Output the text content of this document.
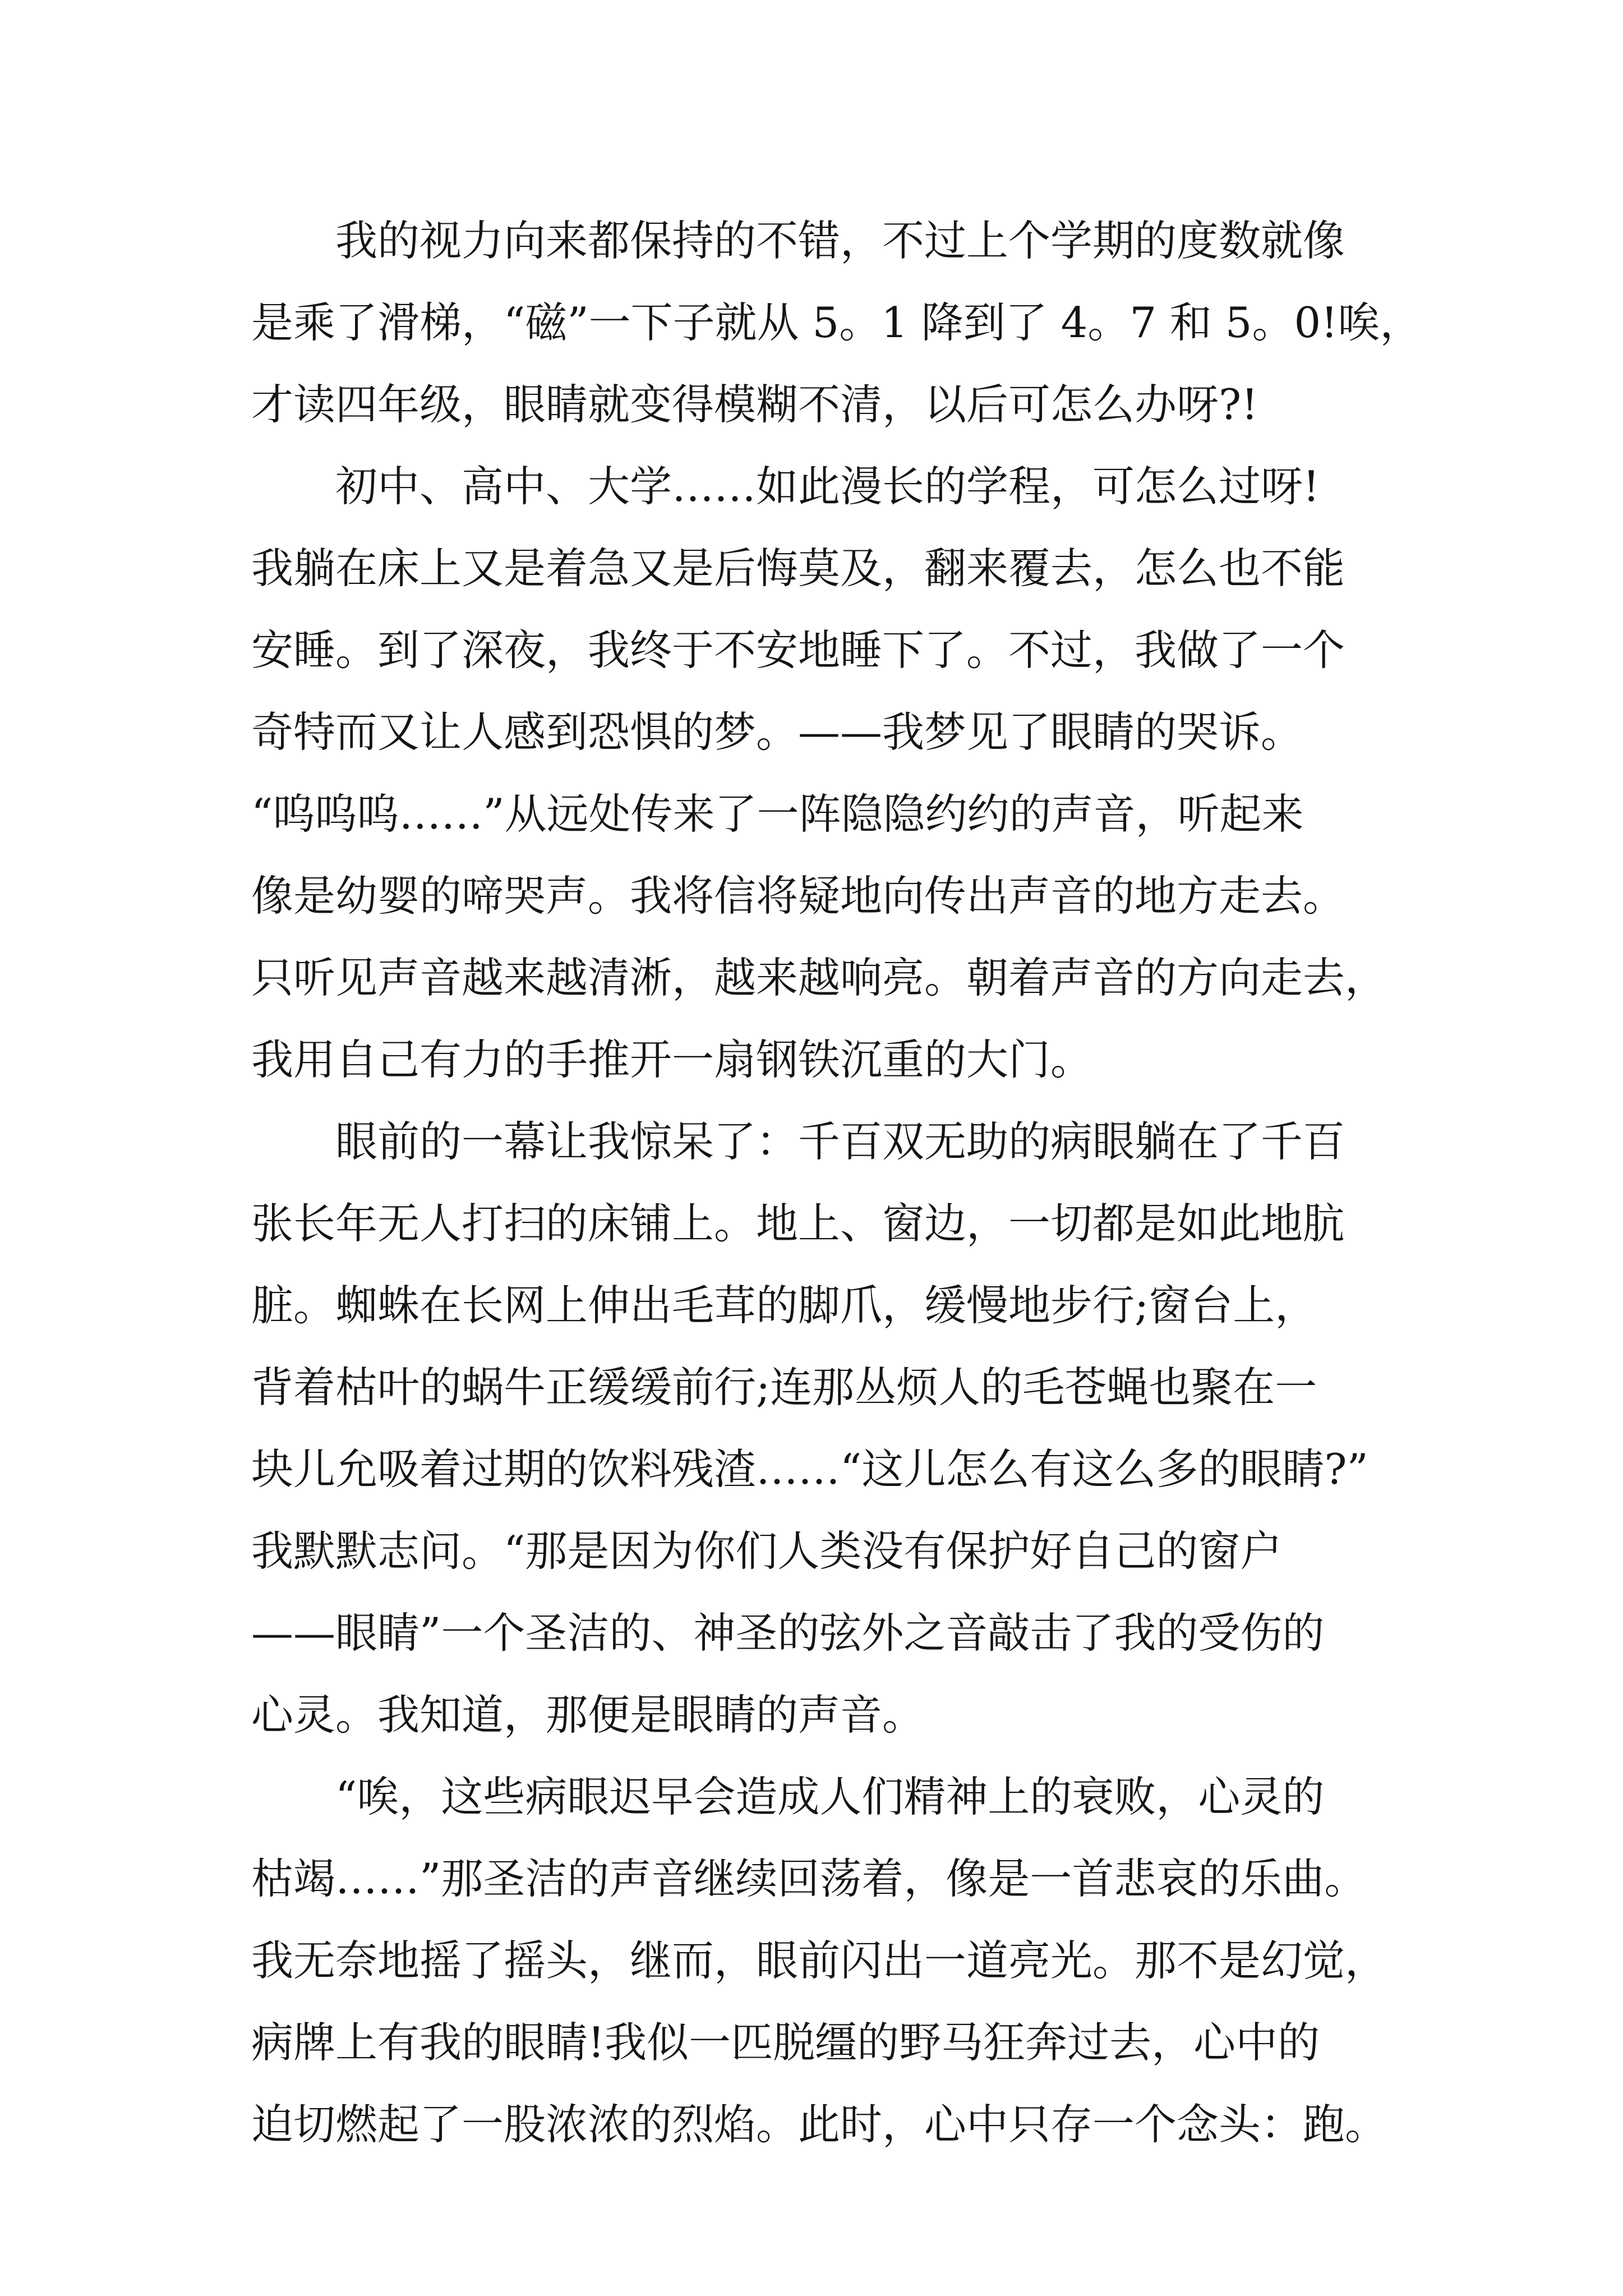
　　我的视力向来都保持的不错，不过上个学期的度数就像
是乘了滑梯，“磁”一下子就从 5。1 降到了 4。7 和 5。0!唉，
才读四年级，眼睛就变得模糊不清，以后可怎么办呀?!
　　初中、高中、大学……如此漫长的学程，可怎么过呀!
我躺在床上又是着急又是后悔莫及，翻来覆去，怎么也不能
安睡。到了深夜，我终于不安地睡下了。不过，我做了一个
奇特而又让人感到恐惧的梦。——我梦见了眼睛的哭诉。
“呜呜呜……”从远处传来了一阵隐隐约约的声音，听起来
像是幼婴的啼哭声。我将信将疑地向传出声音的地方走去。
只听见声音越来越清淅，越来越响亮。朝着声音的方向走去，
我用自己有力的手推开一扇钢铁沉重的大门。
　　眼前的一幕让我惊呆了：千百双无助的病眼躺在了千百
张长年无人打扫的床铺上。地上、窗边，一切都是如此地肮
脏。蜘蛛在长网上伸出毛茸的脚爪，缓慢地步行;窗台上，
背着枯叶的蜗牛正缓缓前行;连那丛烦人的毛苍蝇也聚在一
块儿允吸着过期的饮料残渣……“这儿怎么有这么多的眼睛?”
我默默志问。“那是因为你们人类没有保护好自己的窗户
——眼睛”一个圣洁的、神圣的弦外之音敲击了我的受伤的
心灵。我知道，那便是眼睛的声音。
　　“唉，这些病眼迟早会造成人们精神上的衰败，心灵的
枯竭……”那圣洁的声音继续回荡着，像是一首悲哀的乐曲。
我无奈地摇了摇头，继而，眼前闪出一道亮光。那不是幻觉，
病牌上有我的眼睛!我似一匹脱缰的野马狂奔过去，心中的
迫切燃起了一股浓浓的烈焰。此时，心中只存一个念头：跑。
